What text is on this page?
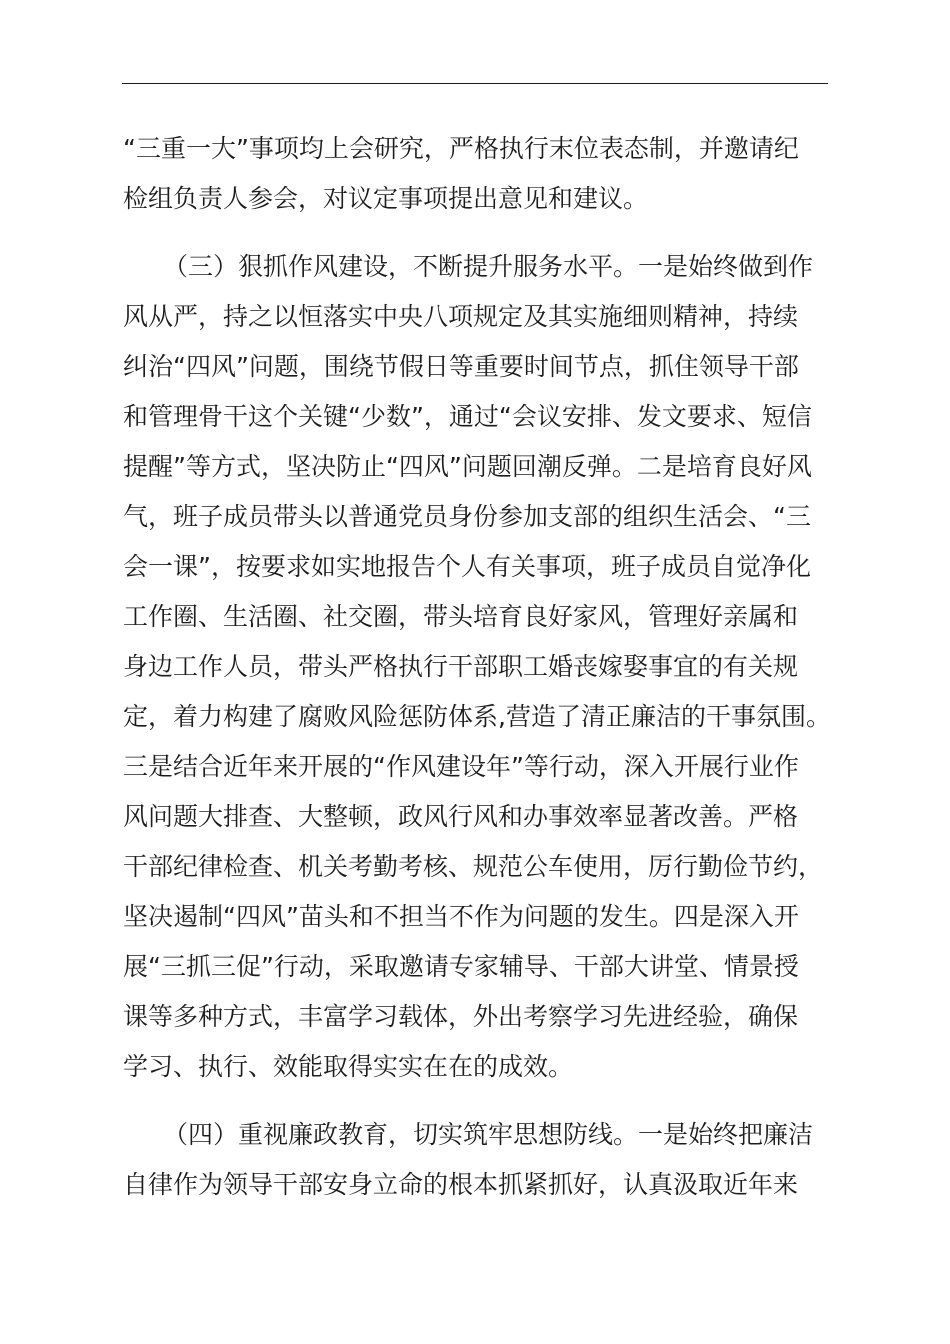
“三重一大”事项均上会研究，严格执行末位表态制，并邀请纪
检组负责人参会，对议定事项提出意见和建议。
（三）狠抓作风建设，不断提升服务水平。一是始终做到作
风从严，持之以恒落实中央八项规定及其实施细则精神，持续
纠治“四风”问题，围绕节假日等重要时间节点，抓住领导干部
和管理骨干这个关键“少数”，通过“会议安排、发文要求、短信
提醒”等方式，坚决防止“四风”问题回潮反弹。二是培育良好风
气，班子成员带头以普通党员身份参加支部的组织生活会、“三
会一课”，按要求如实地报告个人有关事项，班子成员自觉净化
工作圈、生活圈、社交圈，带头培育良好家风，管理好亲属和
身边工作人员，带头严格执行干部职工婚丧嫁娶事宜的有关规
定，着力构建了腐败风险惩防体系,营造了清正廉洁的干事氛围。
三是结合近年来开展的“作风建设年”等行动，深入开展行业作
风问题大排查、大整顿，政风行风和办事效率显著改善。严格
干部纪律检查、机关考勤考核、规范公车使用，厉行勤俭节约，
坚决遏制“四风”苗头和不担当不作为问题的发生。四是深入开
展“三抓三促”行动，采取邀请专家辅导、干部大讲堂、情景授
课等多种方式，丰富学习载体，外出考察学习先进经验，确保
学习、执行、效能取得实实在在的成效。
（四）重视廉政教育，切实筑牢思想防线。一是始终把廉洁
自律作为领导干部安身立命的根本抓紧抓好，认真汲取近年来
